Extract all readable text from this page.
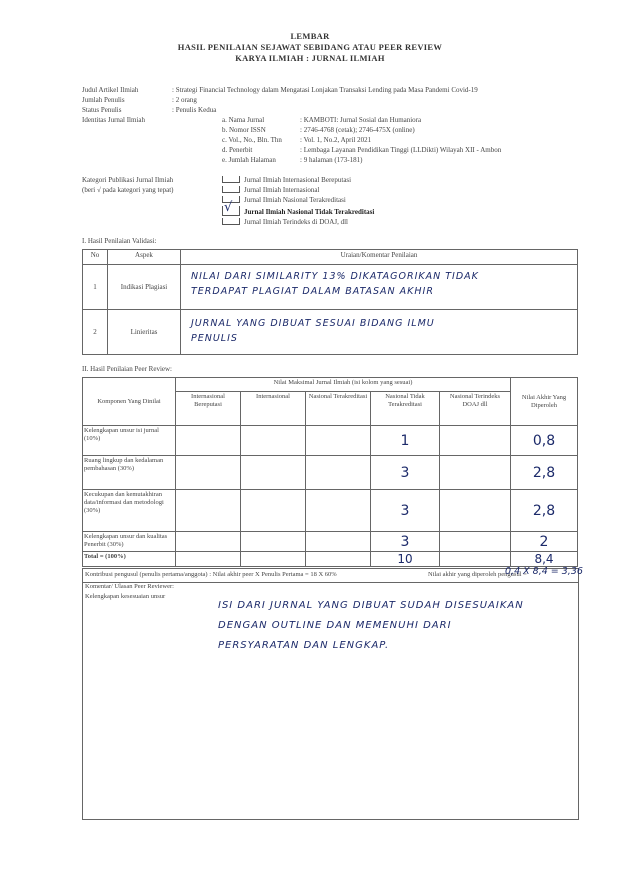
LEMBAR
HASIL PENILAIAN SEJAWAT SEBIDANG ATAU PEER REVIEW
KARYA ILMIAH : JURNAL ILMIAH
Judul Artikel Ilmiah	: Strategi Financial Technology dalam Mengatasi Lonjakan Transaksi Lending pada Masa Pandemi Covid-19
Jumlah Penulis	: 2 orang
Status Penulis	: Penulis Kedua
Identitas Jurnal Ilmiah	a. Nama Jurnal	: KAMBOTI: Jurnal Sosial dan Humaniora
b. Nomor ISSN	: 2746-4768 (cetak); 2746-475X (online)
c. Vol., No., Bln. Thn	: Vol. 1, No.2, April 2021
d. Penerbit	: Lembaga Layanan Pendidikan Tinggi (LLDikti) Wilayah XII - Ambon
e. Jumlah Halaman	: 9 halaman (173-181)
Kategori Publikasi Jurnal Ilmiah
(beri √ pada kategori yang tepat)
Jurnal Ilmiah Internasional Bereputasi
Jurnal Ilmiah Internasional
Jurnal Ilmiah Nasional Terakreditasi
√ Jurnal Ilmiah Nasional Tidak Terakreditasi
Jurnal Ilmiah Terindeks di DOAJ, dll
I. Hasil Penilaian Validasi:
No	Aspek	Uraian/Komentar Penilaian
1	Indikasi Plagiasi	NILAI DARI SIMILARITY 13% DIKATAGORIKAN TIDAK
TERDAPAT PLAGIAT DALAM BATASAN AKHIR

2	Linieritas	JURNAL YANG DIBUAT SESUAI BIDANG ILMU
PENULIS
II. Hasil Penilaian Peer Review:
Komponen Yang Dinilai	Nilai Maksimal Jurnal Ilmiah (isi kolom yang sesuai)					Nilai Akhir Yang Diperoleh
	Internasional Bereputasi	Internasional	Nasional Terakreditasi	Nasional Tidak Terakreditasi	Nasional Terindeks DOAJ dll	
Kelengkapan unsur isi jurnal (10%)				1		0,8
Ruang lingkup dan kedalaman pembahasan (30%)				3		2,8
Kecukupan dan kemutakhiran data/informasi dan metodologi (30%)				3		2,8
Kelengkapan unsur dan kualitas Penerbit (30%)				3		2
Total = (100%)				10		8,4
Kontribusi pengusul (penulis pertama/anggota) : Nilai akhir peer X Penulis Pertama = 18 X 60%	Nilai akhir yang diperoleh pengusul =
0,4 X 8,4 = 3,36
Komentar/ Ulasan Peer Reviewer:
Kelengkapan kesesuaian unsur
ISI DARI JURNAL YANG DIBUAT SUDAH DISESUAIKAN
DENGAN OUTLINE DAN MEMENUHI DARI
PERSYARATAN DAN LENGKAP.
